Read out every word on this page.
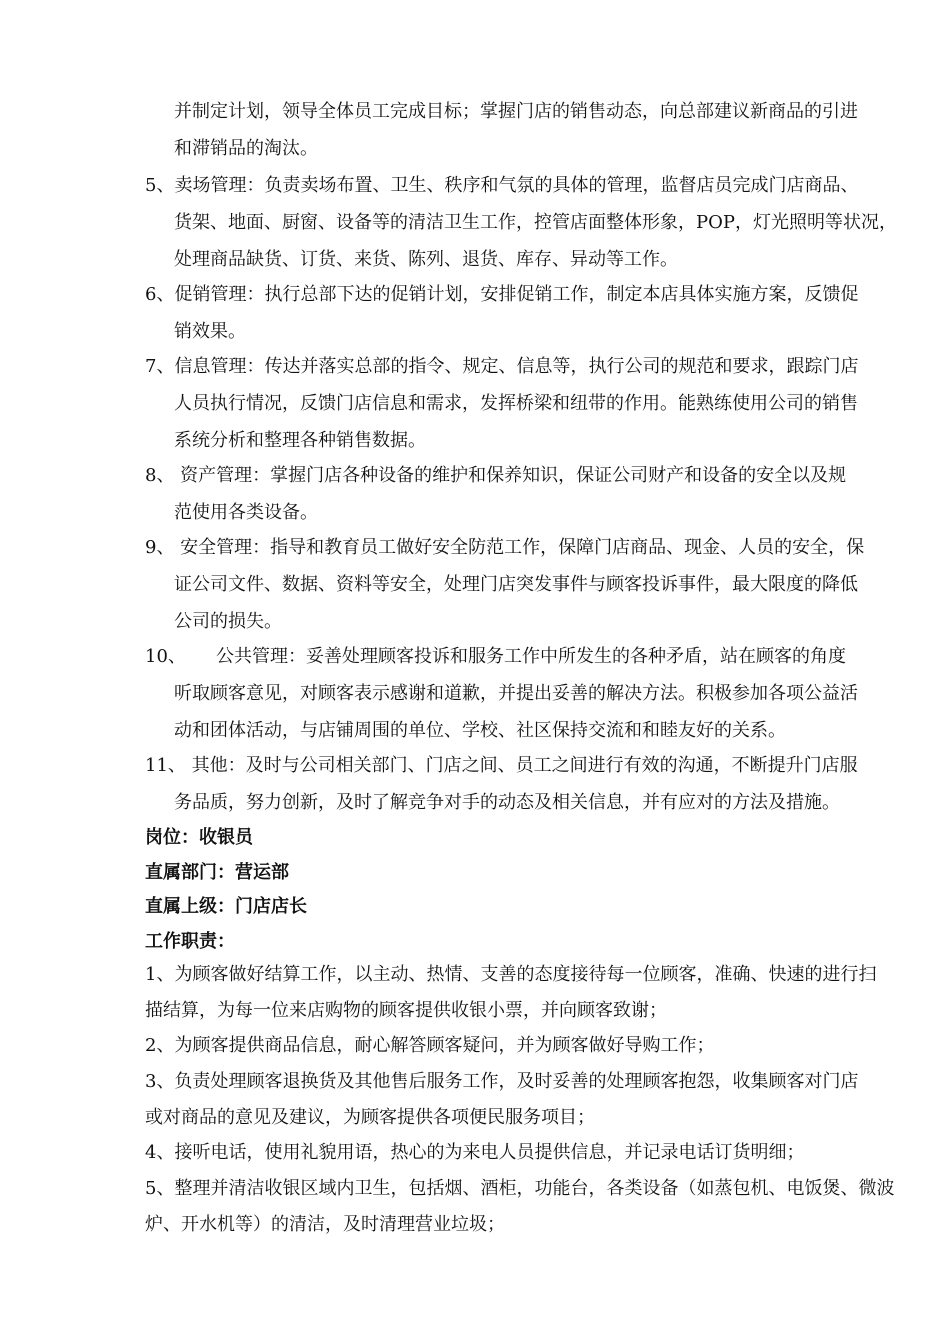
并制定计划，领导全体员工完成目标；掌握门店的销售动态，向总部建议新商品的引进
和滞销品的淘汰。
5、卖场管理：负责卖场布置、卫生、秩序和气氛的具体的管理，监督店员完成门店商品、
货架、地面、厨窗、设备等的清洁卫生工作，控管店面整体形象，POP，灯光照明等状况，
处理商品缺货、订货、来货、陈列、退货、库存、异动等工作。
6、促销管理：执行总部下达的促销计划，安排促销工作，制定本店具体实施方案，反馈促
销效果。
7、信息管理：传达并落实总部的指令、规定、信息等，执行公司的规范和要求，跟踪门店
人员执行情况，反馈门店信息和需求，发挥桥梁和纽带的作用。能熟练使用公司的销售
系统分析和整理各种销售数据。
8、 资产管理：掌握门店各种设备的维护和保养知识，保证公司财产和设备的安全以及规
范使用各类设备。
9、 安全管理：指导和教育员工做好安全防范工作，保障门店商品、现金、人员的安全，保
证公司文件、数据、资料等安全，处理门店突发事件与顾客投诉事件，最大限度的降低
公司的损失。
10、 公共管理：妥善处理顾客投诉和服务工作中所发生的各种矛盾，站在顾客的角度
听取顾客意见，对顾客表示感谢和道歉，并提出妥善的解决方法。积极参加各项公益活
动和团体活动，与店铺周围的单位、学校、社区保持交流和和睦友好的关系。
11、 其他：及时与公司相关部门、门店之间、员工之间进行有效的沟通，不断提升门店服
务品质，努力创新，及时了解竞争对手的动态及相关信息，并有应对的方法及措施。
岗位：收银员
直属部门：营运部
直属上级：门店店长
工作职责：
1、为顾客做好结算工作，以主动、热情、支善的态度接待每一位顾客，准确、快速的进行扫
描结算，为每一位来店购物的顾客提供收银小票，并向顾客致谢；
2、为顾客提供商品信息，耐心解答顾客疑问，并为顾客做好导购工作；
3、负责处理顾客退换货及其他售后服务工作，及时妥善的处理顾客抱怨，收集顾客对门店
或对商品的意见及建议，为顾客提供各项便民服务项目；
4、接听电话，使用礼貌用语，热心的为来电人员提供信息，并记录电话订货明细；
5、整理并清洁收银区域内卫生，包括烟、酒柜，功能台，各类设备（如蒸包机、电饭煲、微波
炉、开水机等）的清洁，及时清理营业垃圾；
